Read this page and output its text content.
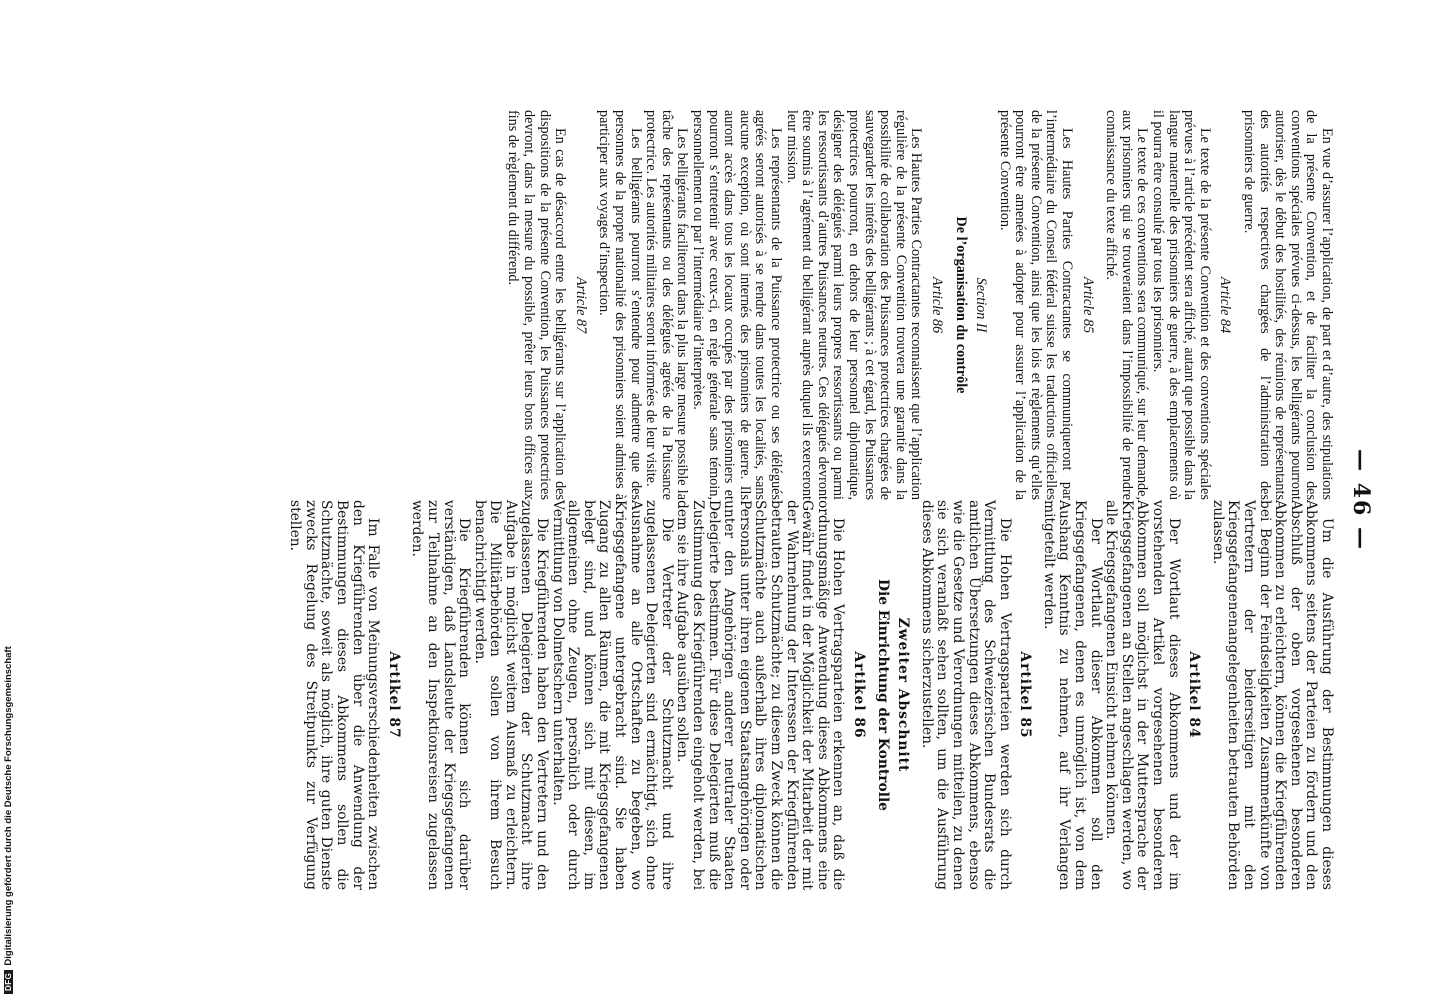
— 46 —

En vue d’assurer l’application, de part et d’autre, des stipulations de la présente Convention, et de faciliter la conclusion des conventions spéciales prévues ci-dessus, les belligérants pourront autoriser, dès le début des hostilités, des réunions de représentants des autorités respectives chargées de l’administration des prisonniers de guerre.

Article 84

Le texte de la présente Convention et des conventions spéciales prévues à l’article précédent sera affiché, autant que possible dans la langue maternelle des prisonniers de guerre, à des emplacements où il pourra être consulté par tous les prisonniers.

Le texte de ces conventions sera communiqué, sur leur demande, aux prisonniers qui se trouveraient dans l’impossibilité de prendre connaissance du texte affiché.

Article 85

Les Hautes Parties Contractantes se communiqueront par l’intermédiaire du Conseil fédéral suisse les traductions officielles de la présente Convention, ainsi que les lois et règlements qu’elles pourront être amenées à adopter pour assurer l’application de la présente Convention.

Section II
De l’organisation du contrôle
Article 86

Les Hautes Parties Contractantes reconnaissent que l’application régulière de la présente Convention trouvera une garantie dans la possibilité de collaboration des Puissances protectrices chargées de sauvegarder les intérêts des belligérants ; à cet égard, les Puissances protectrices pourront, en dehors de leur personnel diplomatique, désigner des délégués parmi leurs propres ressortissants ou parmi les ressortissants d’autres Puissances neutres. Ces délégués devront être soumis à l’agrément du belligérant auprès duquel ils exerceront leur mission.

Les représentants de la Puissance protectrice ou ses délégués agréés seront autorisés à se rendre dans toutes les localités, sans aucune exception, où sont internés des prisonniers de guerre. Ils auront accès dans tous les locaux occupés par des prisonniers et pourront s’entretenir avec ceux-ci, en règle générale sans témoin, personnellement ou par l’intermédiaire d’interprètes.

Les belligérants faciliteront dans la plus large mesure possible la tâche des représentants ou des délégués agréés de la Puissance protectrice. Les autorités militaires seront informées de leur visite.

Les belligérants pourront s’entendre pour admettre que des personnes de la propre nationalité des prisonniers soient admises à participer aux voyages d’inspection.

Article 87

En cas de désaccord entre les belligérants sur l’application des dispositions de la présente Convention, les Puissances protectrices devront, dans la mesure du possible, prêter leurs bons offices aux fins de règlement du différend.

Um die Ausführung der Bestimmungen dieses Abkommens seitens der Parteien zu fördern und den Abschluß der oben vorgesehenen besonderen Abkommen zu erleichtern, können die Kriegführenden bei Beginn der Feindseligkeiten Zusammenkünfte von Vertretern der beiderseitigen mit den Kriegsgefangenenangelegenheiten betrauten Behörden zulassen.

Artikel 84

Der Wortlaut dieses Abkommens und der im vorstehenden Artikel vorgesehenen besonderen Abkommen soll möglichst in der Muttersprache der Kriegsgefangenen an Stellen angeschlagen werden, wo alle Kriegsgefangenen Einsicht nehmen können.

Der Wortlaut dieser Abkommen soll den Kriegsgefangenen, denen es unmöglich ist, von dem Aushang Kenntnis zu nehmen, auf ihr Verlangen mitgeteilt werden.

Artikel 85

Die Hohen Vertragsparteien werden sich durch Vermittlung des Schweizerischen Bundesrats die amtlichen Übersetzungen dieses Abkommens, ebenso wie die Gesetze und Verordnungen mitteilen, zu denen sie sich veranlaßt sehen sollten, um die Ausführung dieses Abkommens sicherzustellen.

Zweiter Abschnitt
Die Einrichtung der Kontrolle
Artikel 86

Die Hohen Vertragsparteien erkennen an, daß die ordnungsmäßige Anwendung dieses Abkommens eine Gewähr findet in der Möglichkeit der Mitarbeit der mit der Wahrnehmung der Interessen der Kriegführenden betrauten Schutzmächte; zu diesem Zweck können die Schutzmächte auch außerhalb ihres diplomatischen Personals unter ihren eigenen Staatsangehörigen oder unter den Angehörigen anderer neutraler Staaten Delegierte bestimmen. Für diese Delegierten muß die Zustimmung des Kriegführenden eingeholt werden, bei dem sie ihre Aufgabe ausüben sollen.

Die Vertreter der Schutzmacht und ihre zugelassenen Delegierten sind ermächtigt, sich ohne Ausnahme an alle Ortschaften zu begeben, wo Kriegsgefangene untergebracht sind. Sie haben Zugang zu allen Räumen, die mit Kriegsgefangenen belegt sind, und können sich mit diesen, im allgemeinen ohne Zeugen, persönlich oder durch Vermittlung von Dolmetschern unterhalten.

Die Kriegführenden haben den Vertretern und den zugelassenen Delegierten der Schutzmacht ihre Aufgabe in möglichst weitem Ausmaß zu erleichtern. Die Militärbehörden sollen von ihrem Besuch benachrichtigt werden.

Die Kriegführenden können sich darüber verständigen, daß Landsleute der Kriegsgefangenen zur Teilnahme an den Inspektionsreisen zugelassen werden.

Artikel 87

Im Falle von Meinungsverschiedenheiten zwischen den Kriegführenden über die Anwendung der Bestimmungen dieses Abkommens sollen die Schutzmächte, soweit als möglich, ihre guten Dienste zwecks Regelung des Streitpunkts zur Verfügung stellen.

DFG
Digitalisierung gefördert durch die Deutsche Forschungsgemeinschaft
